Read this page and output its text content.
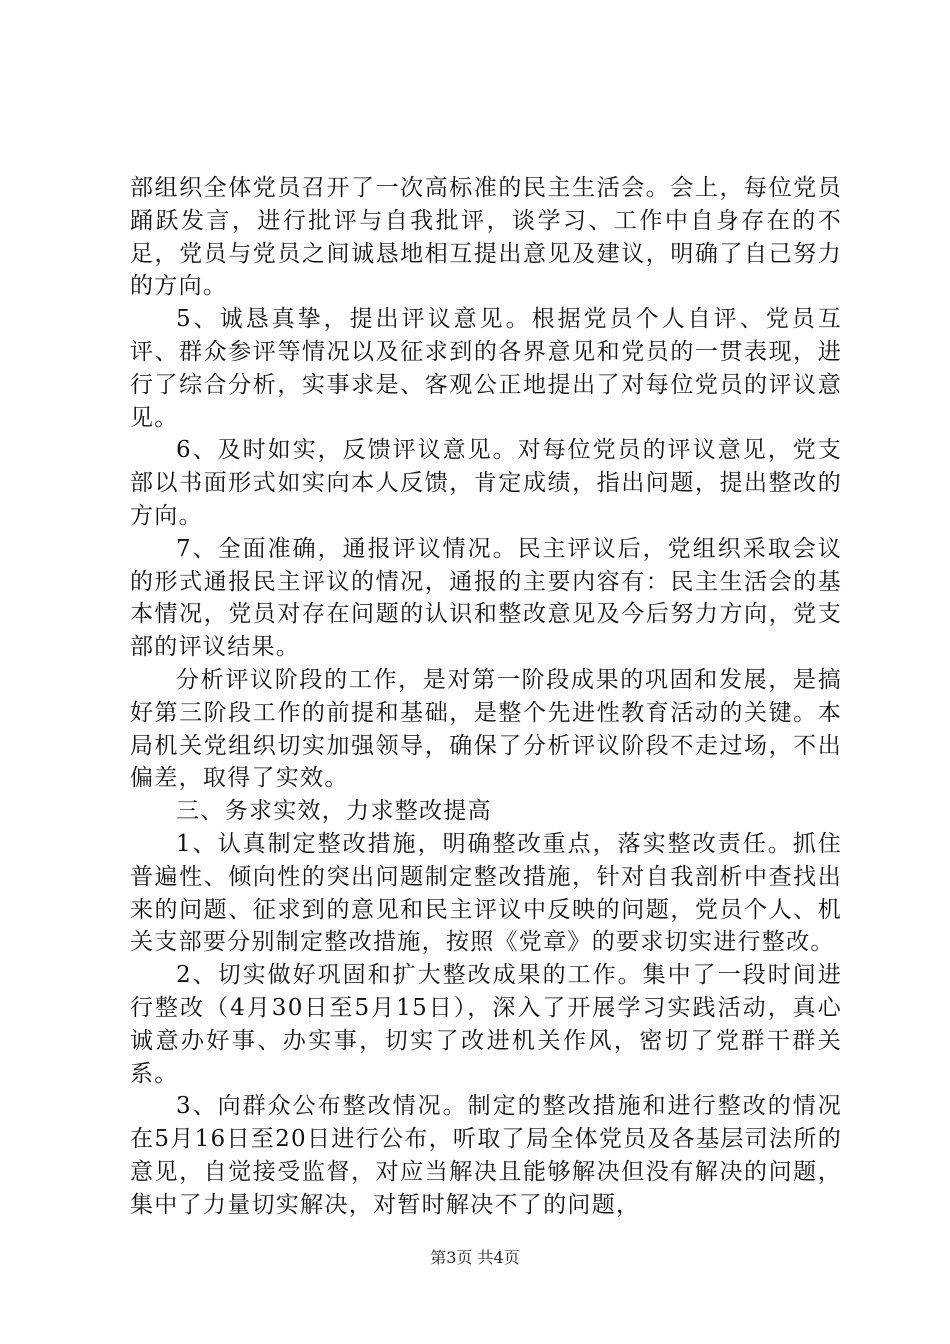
部组织全体党员召开了一次高标准的民主生活会。会上，每位党员踊跃发言，进行批评与自我批评，谈学习、工作中自身存在的不足，党员与党员之间诚恳地相互提出意见及建议，明确了自己努力的方向。

5、诚恳真挚，提出评议意见。根据党员个人自评、党员互评、群众参评等情况以及征求到的各界意见和党员的一贯表现，进行了综合分析，实事求是、客观公正地提出了对每位党员的评议意见。

6、及时如实，反馈评议意见。对每位党员的评议意见，党支部以书面形式如实向本人反馈，肯定成绩，指出问题，提出整改的方向。

7、全面准确，通报评议情况。民主评议后，党组织采取会议的形式通报民主评议的情况，通报的主要内容有：民主生活会的基本情况，党员对存在问题的认识和整改意见及今后努力方向，党支部的评议结果。

分析评议阶段的工作，是对第一阶段成果的巩固和发展，是搞好第三阶段工作的前提和基础，是整个先进性教育活动的关键。本局机关党组织切实加强领导，确保了分析评议阶段不走过场，不出偏差，取得了实效。

三、务求实效，力求整改提高

1、认真制定整改措施，明确整改重点，落实整改责任。抓住普遍性、倾向性的突出问题制定整改措施，针对自我剖析中查找出来的问题、征求到的意见和民主评议中反映的问题，党员个人、机关支部要分别制定整改措施，按照《党章》的要求切实进行整改。

2、切实做好巩固和扩大整改成果的工作。集中了一段时间进行整改（4月30日至5月15日），深入了开展学习实践活动，真心诚意办好事、办实事，切实了改进机关作风，密切了党群干群关系。

3、向群众公布整改情况。制定的整改措施和进行整改的情况在5月16日至20日进行公布，听取了局全体党员及各基层司法所的意见，自觉接受监督，对应当解决且能够解决但没有解决的问题，集中了力量切实解决，对暂时解决不了的问题，

第3页 共4页
